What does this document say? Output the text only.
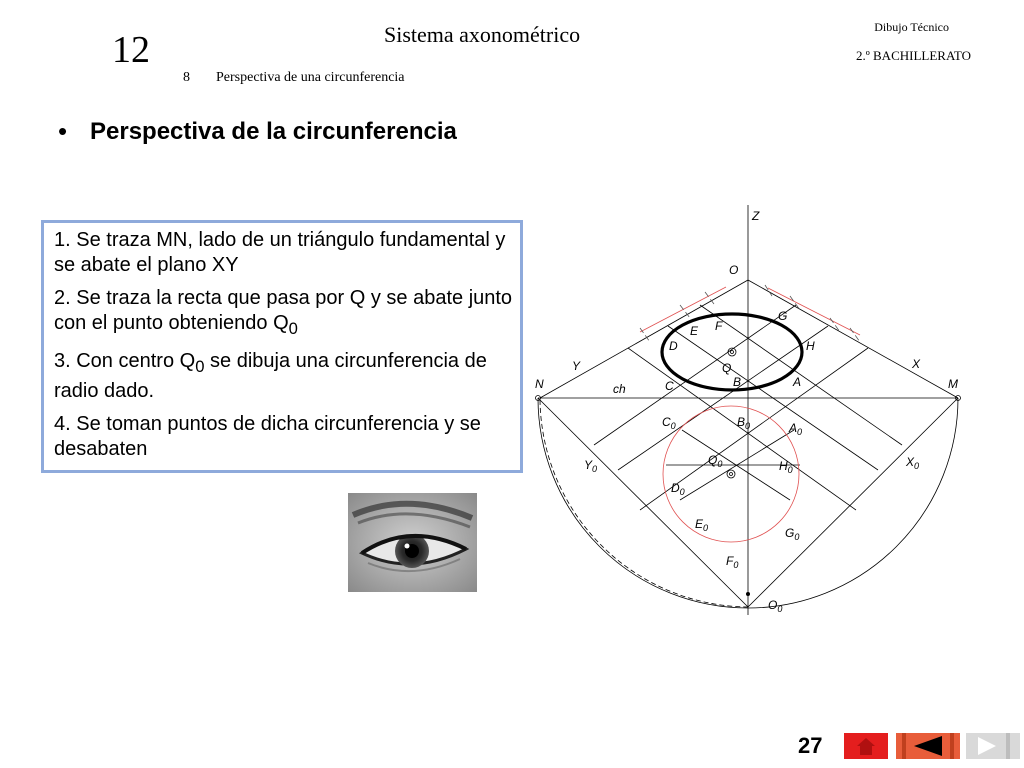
12	Sistema axonométrico
8 Perspectiva de una circunferencia
Dibujo Técnico
2.º BACHILLERATO
• Perspectiva de la circunferencia
1. Se traza MN, lado de un triángulo fundamental y se abate el plano XY
2. Se traza la recta que pasa por Q y se abate junto con el punto obteniendo $Q_0$
3. Con centro $Q_0$ se dibuja una circunferencia de radio dado.
4. Se toman puntos de dicha circunferencia y se desabaten
Z
O
Y	X
N	M
ch
G
F
E
D	H
Q
B
C	A
$C_0$	$B_0$	$A_0$
$Q_0$	$H_0$
$Y_0$	$X_0$
$D_0$
$E_0$	$G_0$
$F_0$
$O_0$
27
